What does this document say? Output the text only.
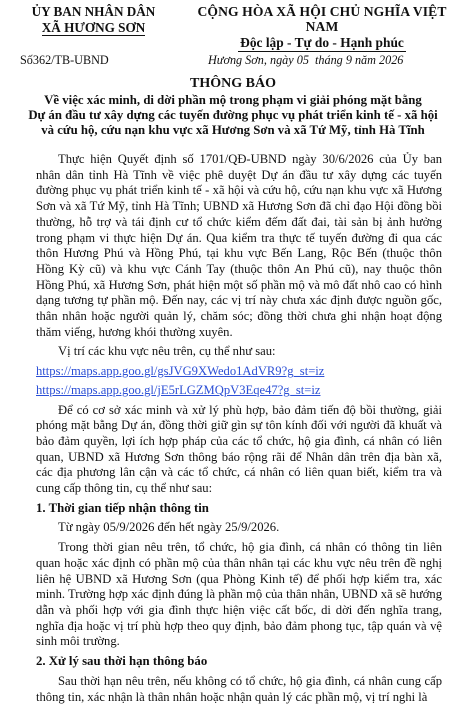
ỦY BAN NHÂN DÂN
XÃ HƯƠNG SƠN
CỘNG HÒA XÃ HỘI CHỦ NGHĨA VIỆT NAM
Độc lập - Tự do - Hạnh phúc
Số362/TB-UBND	Hương Sơn, ngày 05 tháng 9 năm 2026
THÔNG BÁO
Về việc xác minh, di dời phần mộ trong phạm vi giải phóng mặt bằng
Dự án đầu tư xây dựng các tuyến đường phục vụ phát triển kinh tế - xã hội
và cứu hộ, cứu nạn khu vực xã Hương Sơn và xã Tứ Mỹ, tỉnh Hà Tĩnh

Thực hiện Quyết định số 1701/QĐ-UBND ngày 30/6/2026 của Ủy ban nhân dân tỉnh Hà Tĩnh về việc phê duyệt Dự án đầu tư xây dựng các tuyến đường phục vụ phát triển kinh tế - xã hội và cứu hộ, cứu nạn khu vực xã Hương Sơn và xã Tứ Mỹ, tỉnh Hà Tĩnh; UBND xã Hương Sơn đã chỉ đạo Hội đồng bồi thường, hỗ trợ và tái định cư tổ chức kiểm đếm đất đai, tài sản bị ảnh hưởng trong phạm vi thực hiện Dự án. Qua kiểm tra thực tế tuyến đường đi qua các thôn Hương Phú và Hồng Phú, tại khu vực Bến Lang, Rộc Bến (thuộc thôn Hồng Kỳ cũ) và khu vực Cánh Tay (thuộc thôn An Phú cũ), nay thuộc thôn Hồng Phú, xã Hương Sơn, phát hiện một số phần mộ và mô đất nhô cao có hình dạng tương tự phần mộ. Đến nay, các vị trí này chưa xác định được nguồn gốc, thân nhân hoặc người quản lý, chăm sóc; đồng thời chưa ghi nhận hoạt động thăm viếng, hương khói thường xuyên.

Vị trí các khu vực nêu trên, cụ thể như sau:

https://maps.app.goo.gl/gsJVG9XWedo1AdVR9?g_st=iz
https://maps.app.goo.gl/jE5rLGZMQpV3Eqe47?g_st=iz

Để có cơ sở xác minh và xử lý phù hợp, bảo đảm tiến độ bồi thường, giải phóng mặt bằng Dự án, đồng thời giữ gìn sự tôn kính đối với người đã khuất và bảo đảm quyền, lợi ích hợp pháp của các tổ chức, hộ gia đình, cá nhân có liên quan, UBND xã Hương Sơn thông báo rộng rãi để Nhân dân trên địa bàn xã, các địa phương lân cận và các tổ chức, cá nhân có liên quan biết, kiểm tra và cung cấp thông tin, cụ thể như sau:

1. Thời gian tiếp nhận thông tin

Từ ngày 05/9/2026 đến hết ngày 25/9/2026.

Trong thời gian nêu trên, tổ chức, hộ gia đình, cá nhân có thông tin liên quan hoặc xác định có phần mộ của thân nhân tại các khu vực nêu trên đề nghị liên hệ UBND xã Hương Sơn (qua Phòng Kinh tế) để phối hợp kiểm tra, xác minh. Trường hợp xác định đúng là phần mộ của thân nhân, UBND xã sẽ hướng dẫn và phối hợp với gia đình thực hiện việc cất bốc, di dời đến nghĩa trang, nghĩa địa hoặc vị trí phù hợp theo quy định, bảo đảm phong tục, tập quán và vệ sinh môi trường.

2. Xử lý sau thời hạn thông báo

Sau thời hạn nêu trên, nếu không có tổ chức, hộ gia đình, cá nhân cung cấp thông tin, xác nhận là thân nhân hoặc nhận quản lý các phần mộ, vị trí nghi là
